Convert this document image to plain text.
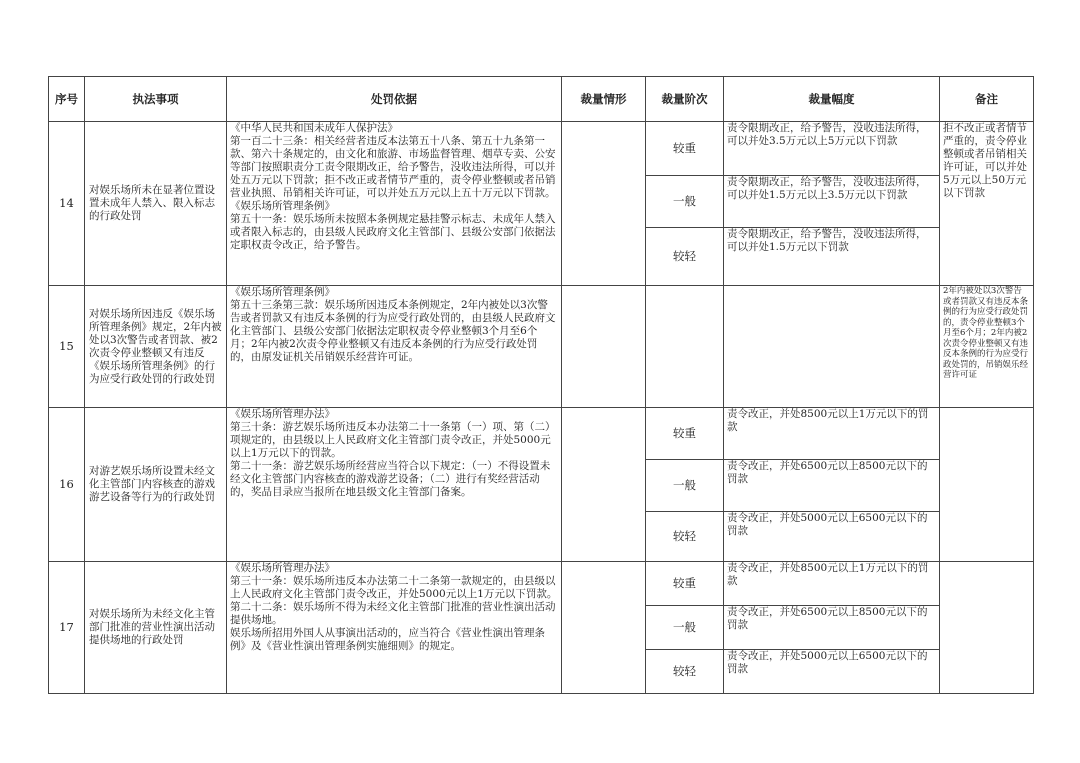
序号	执法事项	处罚依据	裁量情形	裁量阶次	裁量幅度	备注
14	对娱乐场所未在显著位置设置未成年人禁入、限入标志的行政处罚	《中华人民共和国未成年人保护法》
第一百二十三条：相关经营者违反本法第五十八条、第五十九条第一款、第六十条规定的，由文化和旅游、市场监督管理、烟草专卖、公安等部门按照职责分工责令限期改正，给予警告，没收违法所得，可以并处五万元以下罚款；拒不改正或者情节严重的，责令停业整顿或者吊销营业执照、吊销相关许可证，可以并处五万元以上五十万元以下罚款。
《娱乐场所管理条例》
第五十一条：娱乐场所未按照本条例规定悬挂警示标志、未成年人禁入或者限入标志的，由县级人民政府文化主管部门、县级公安部门依据法定职权责令改正，给予警告。		较重	责令限期改正，给予警告，没收违法所得，可以并处3.5万元以上5万元以下罚款	拒不改正或者情节严重的，责令停业整顿或者吊销相关许可证，可以并处5万元以上50万元以下罚款
				一般	责令限期改正，给予警告，没收违法所得，可以并处1.5万元以上3.5万元以下罚款	
				较轻	责令限期改正，给予警告，没收违法所得，可以并处1.5万元以下罚款	
15	对娱乐场所因违反《娱乐场所管理条例》规定，2年内被处以3次警告或者罚款、被2次责令停业整顿又有违反《娱乐场所管理条例》的行为应受行政处罚的行政处罚	《娱乐场所管理条例》
第五十三条第三款：娱乐场所因违反本条例规定，2年内被处以3次警告或者罚款又有违反本条例的行为应受行政处罚的，由县级人民政府文化主管部门、县级公安部门依据法定职权责令停业整顿3个月至6个月；2年内被2次责令停业整顿又有违反本条例的行为应受行政处罚的，由原发证机关吊销娱乐经营许可证。				2年内被处以3次警告或者罚款又有违反本条例的行为应受行政处罚的，责令停业整顿3个月至6个月；2年内被2次责令停业整顿又有违反本条例的行为应受行政处罚的，吊销娱乐经营许可证
16	对游艺娱乐场所设置未经文化主管部门内容核查的游戏游艺设备等行为的行政处罚	《娱乐场所管理办法》
第三十条：游艺娱乐场所违反本办法第二十一条第（一）项、第（二）项规定的，由县级以上人民政府文化主管部门责令改正，并处5000元以上1万元以下的罚款。
第二十一条：游艺娱乐场所经营应当符合以下规定：（一）不得设置未经文化主管部门内容核查的游戏游艺设备；（二）进行有奖经营活动的，奖品目录应当报所在地县级文化主管部门备案。		较重	责令改正，并处8500元以上1万元以下的罚款	
				一般	责令改正，并处6500元以上8500元以下的罚款	
				较轻	责令改正，并处5000元以上6500元以下的罚款	
17	对娱乐场所为未经文化主管部门批准的营业性演出活动提供场地的行政处罚	《娱乐场所管理办法》
第三十一条：娱乐场所违反本办法第二十二条第一款规定的，由县级以上人民政府文化主管部门责令改正，并处5000元以上1万元以下罚款。
第二十二条：娱乐场所不得为未经文化主管部门批准的营业性演出活动提供场地。
娱乐场所招用外国人从事演出活动的，应当符合《营业性演出管理条例》及《营业性演出管理条例实施细则》的规定。		较重	责令改正，并处8500元以上1万元以下的罚款	
				一般	责令改正，并处6500元以上8500元以下的罚款	
				较轻	责令改正，并处5000元以上6500元以下的罚款	
